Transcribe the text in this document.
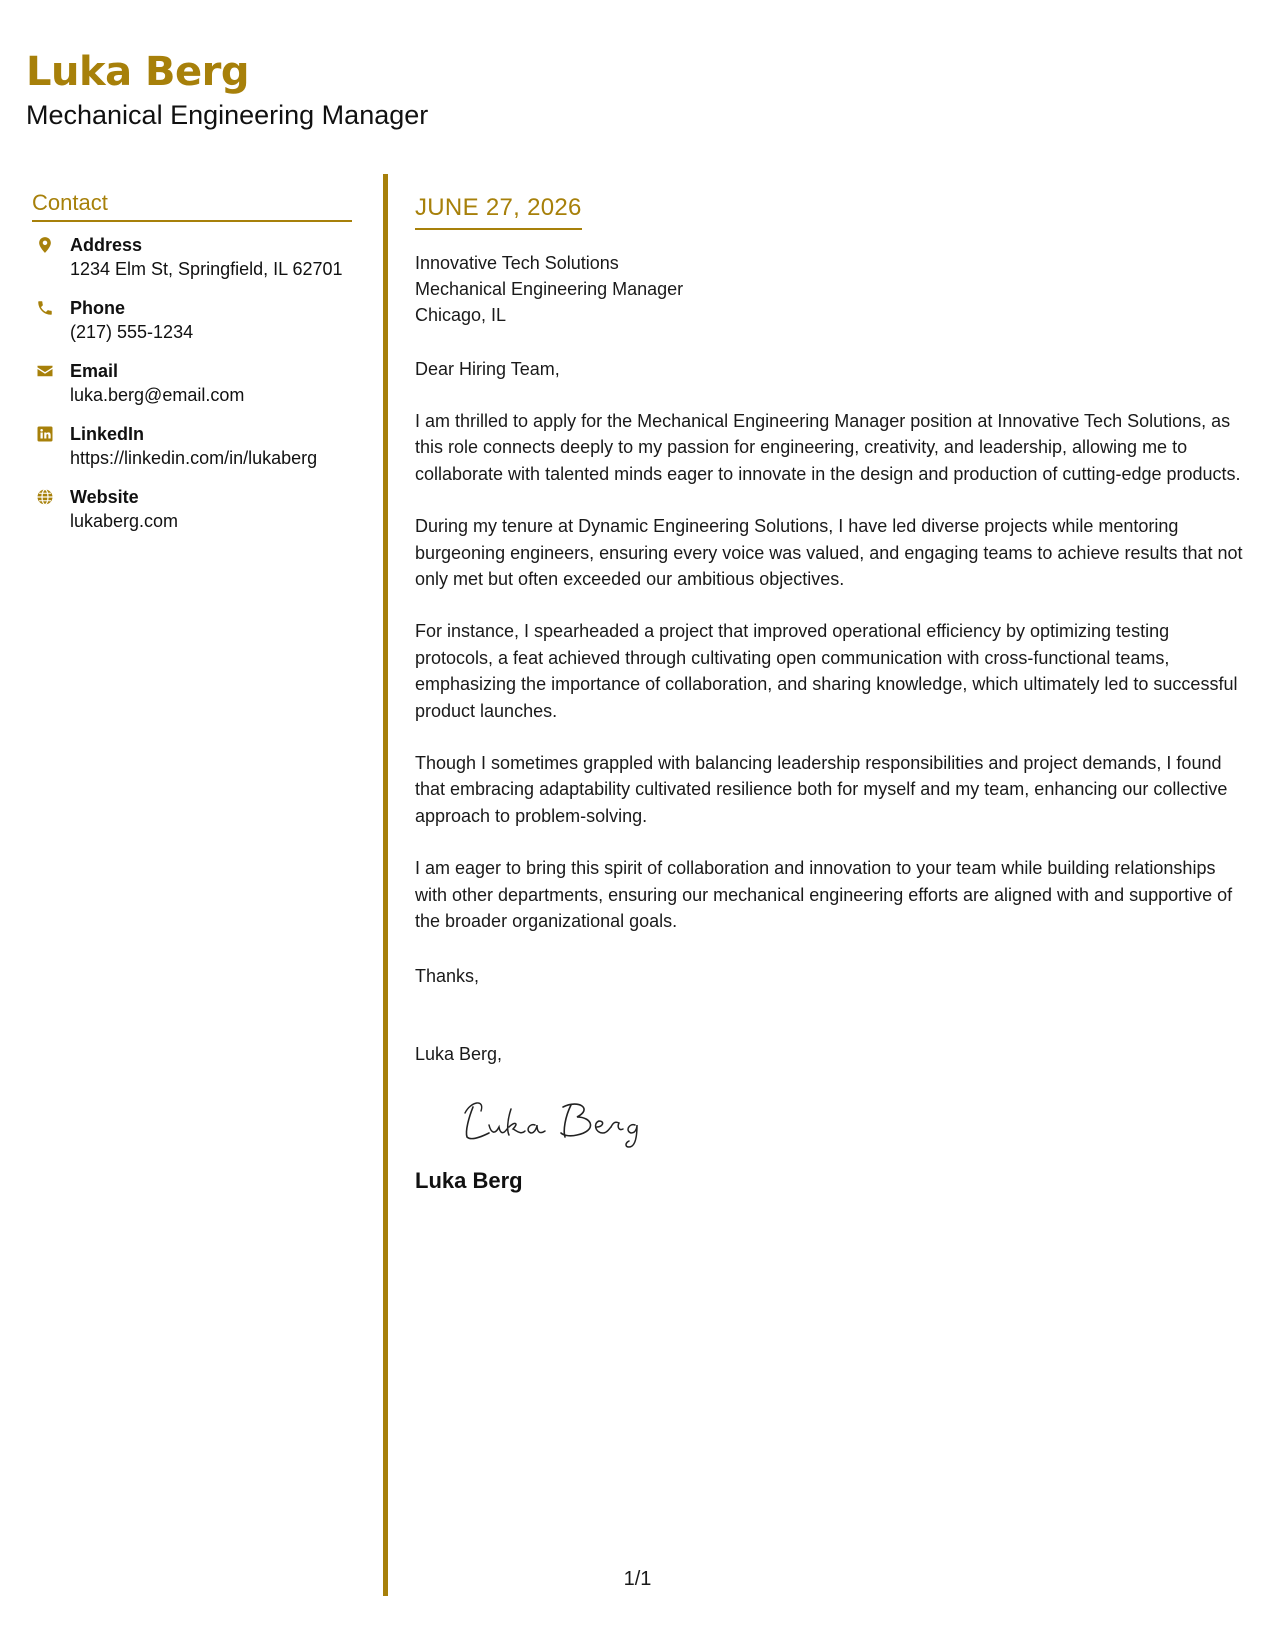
Luka Berg
Mechanical Engineering Manager
Contact
Address
1234 Elm St, Springfield, IL 62701
Phone
(217) 555-1234
Email
luka.berg@email.com
LinkedIn
https://linkedin.com/in/lukaberg
Website
lukaberg.com
JUNE 27, 2026
Innovative Tech Solutions
Mechanical Engineering Manager
Chicago, IL
Dear Hiring Team,
I am thrilled to apply for the Mechanical Engineering Manager position at Innovative Tech Solutions, as this role connects deeply to my passion for engineering, creativity, and leadership, allowing me to collaborate with talented minds eager to innovate in the design and production of cutting-edge products.
During my tenure at Dynamic Engineering Solutions, I have led diverse projects while mentoring burgeoning engineers, ensuring every voice was valued, and engaging teams to achieve results that not only met but often exceeded our ambitious objectives.
For instance, I spearheaded a project that improved operational efficiency by optimizing testing protocols, a feat achieved through cultivating open communication with cross-functional teams, emphasizing the importance of collaboration, and sharing knowledge, which ultimately led to successful product launches.
Though I sometimes grappled with balancing leadership responsibilities and project demands, I found that embracing adaptability cultivated resilience both for myself and my team, enhancing our collective approach to problem-solving.
I am eager to bring this spirit of collaboration and innovation to your team while building relationships with other departments, ensuring our mechanical engineering efforts are aligned with and supportive of the broader organizational goals.
Thanks,
Luka Berg,
Luka Berg
1/1
